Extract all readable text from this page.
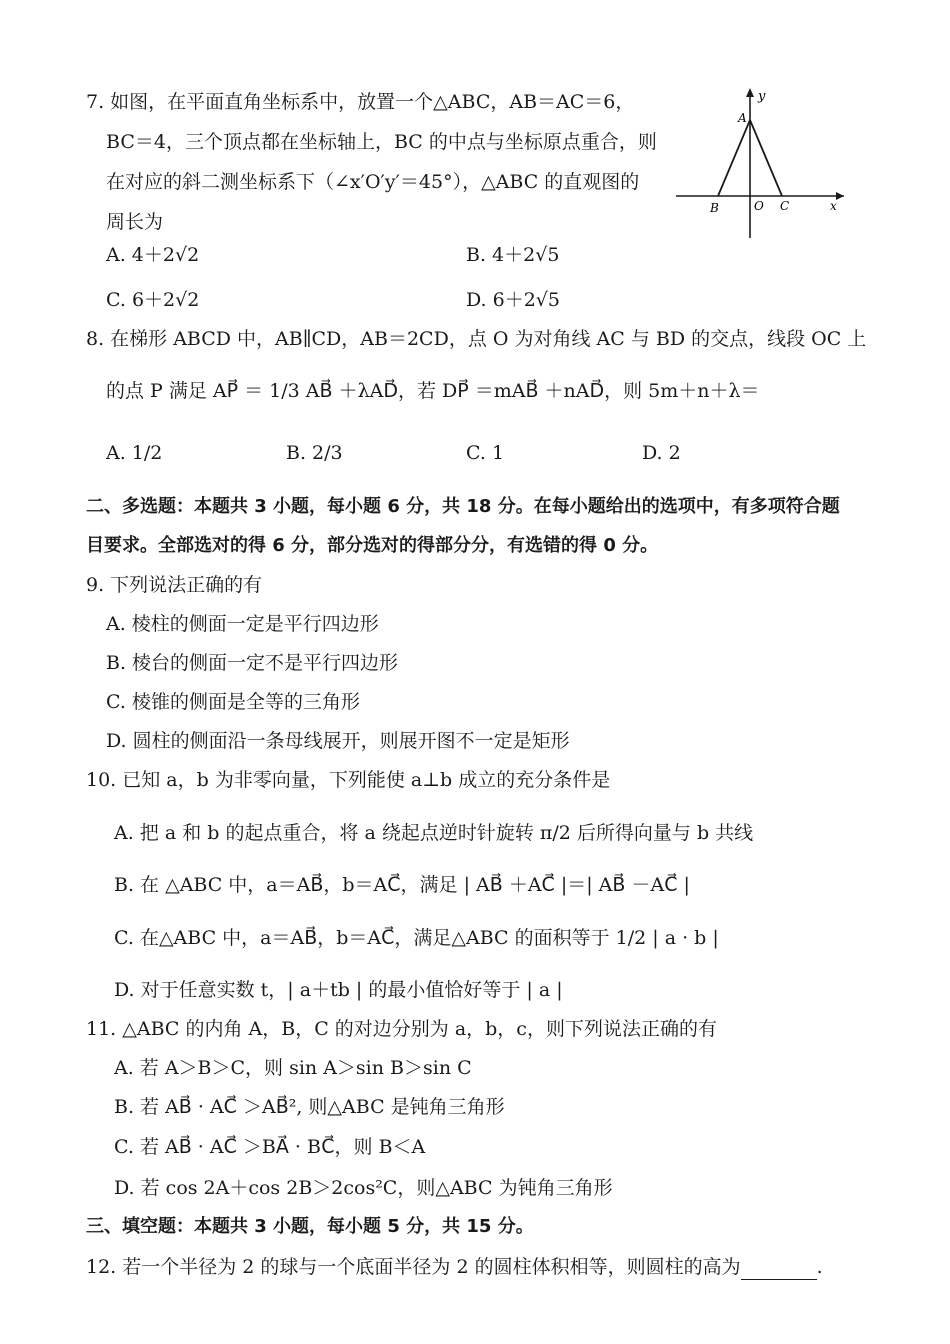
7. 如图，在平面直角坐标系中，放置一个△ABC，AB＝AC＝6，
BC＝4，三个顶点都在坐标轴上，BC 的中点与坐标原点重合，则
在对应的斜二测坐标系下（∠x′O′y′＝45°），△ABC 的直观图的
周长为
y
x
A
B	O C
A. 4＋2√2	B. 4＋2√5
C. 6＋2√2	D. 6＋2√5
8. 在梯形 ABCD 中，AB∥CD，AB＝2CD，点 O 为对角线 AC 与 BD 的交点，线段 OC 上
的点 P 满足 AP⃗ ＝ 1/3 AB⃗ ＋λAD⃗，若 DP⃗ ＝mAB⃗ ＋nAD⃗，则 5m＋n＋λ＝
A. 1/2	B. 2/3	C. 1	D. 2
二、多选题：本题共 3 小题，每小题 6 分，共 18 分。在每小题给出的选项中，有多项符合题
目要求。全部选对的得 6 分，部分选对的得部分分，有选错的得 0 分。
9. 下列说法正确的有
A. 棱柱的侧面一定是平行四边形
B. 棱台的侧面一定不是平行四边形
C. 棱锥的侧面是全等的三角形
D. 圆柱的侧面沿一条母线展开，则展开图不一定是矩形
10. 已知 a，b 为非零向量，下列能使 a⊥b 成立的充分条件是
A. 把 a 和 b 的起点重合，将 a 绕起点逆时针旋转 π/2 后所得向量与 b 共线
B. 在 △ABC 中，a＝AB⃗，b＝AC⃗，满足 | AB⃗ ＋AC⃗ |＝| AB⃗ －AC⃗ |
C. 在△ABC 中，a＝AB⃗，b＝AC⃗，满足△ABC 的面积等于 1/2 | a · b |
D. 对于任意实数 t，| a＋tb | 的最小值恰好等于 | a |
11. △ABC 的内角 A，B，C 的对边分别为 a，b，c，则下列说法正确的有
A. 若 A＞B＞C，则 sin A＞sin B＞sin C
B. 若 AB⃗ · AC⃗ ＞AB⃗², 则△ABC 是钝角三角形
C. 若 AB⃗ · AC⃗ ＞BA⃗ · BC⃗，则 B＜A
D. 若 cos 2A＋cos 2B＞2cos²C，则△ABC 为钝角三角形
三、填空题：本题共 3 小题，每小题 5 分，共 15 分。
12. 若一个半径为 2 的球与一个底面半径为 2 的圆柱体积相等，则圆柱的高为	.
